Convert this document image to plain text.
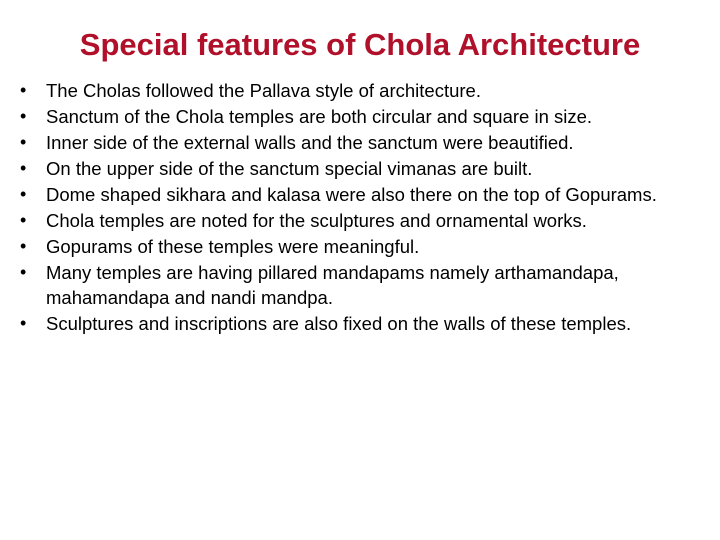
Special features of Chola Architecture
•	The Cholas followed the Pallava style of architecture.
•	Sanctum of the Chola temples are both circular and square in size.
•	Inner side of the external walls and the sanctum were beautified.
•	On the upper side of the sanctum special vimanas are built.
•	Dome shaped sikhara and kalasa were also there on the top of Gopurams.
•	Chola temples are noted for the sculptures and ornamental works.
•	Gopurams of these temples were meaningful.
•	Many temples are having pillared mandapams namely arthamandapa, mahamandapa and nandi mandpa.
•	Sculptures and inscriptions are also fixed on the walls of these temples.
